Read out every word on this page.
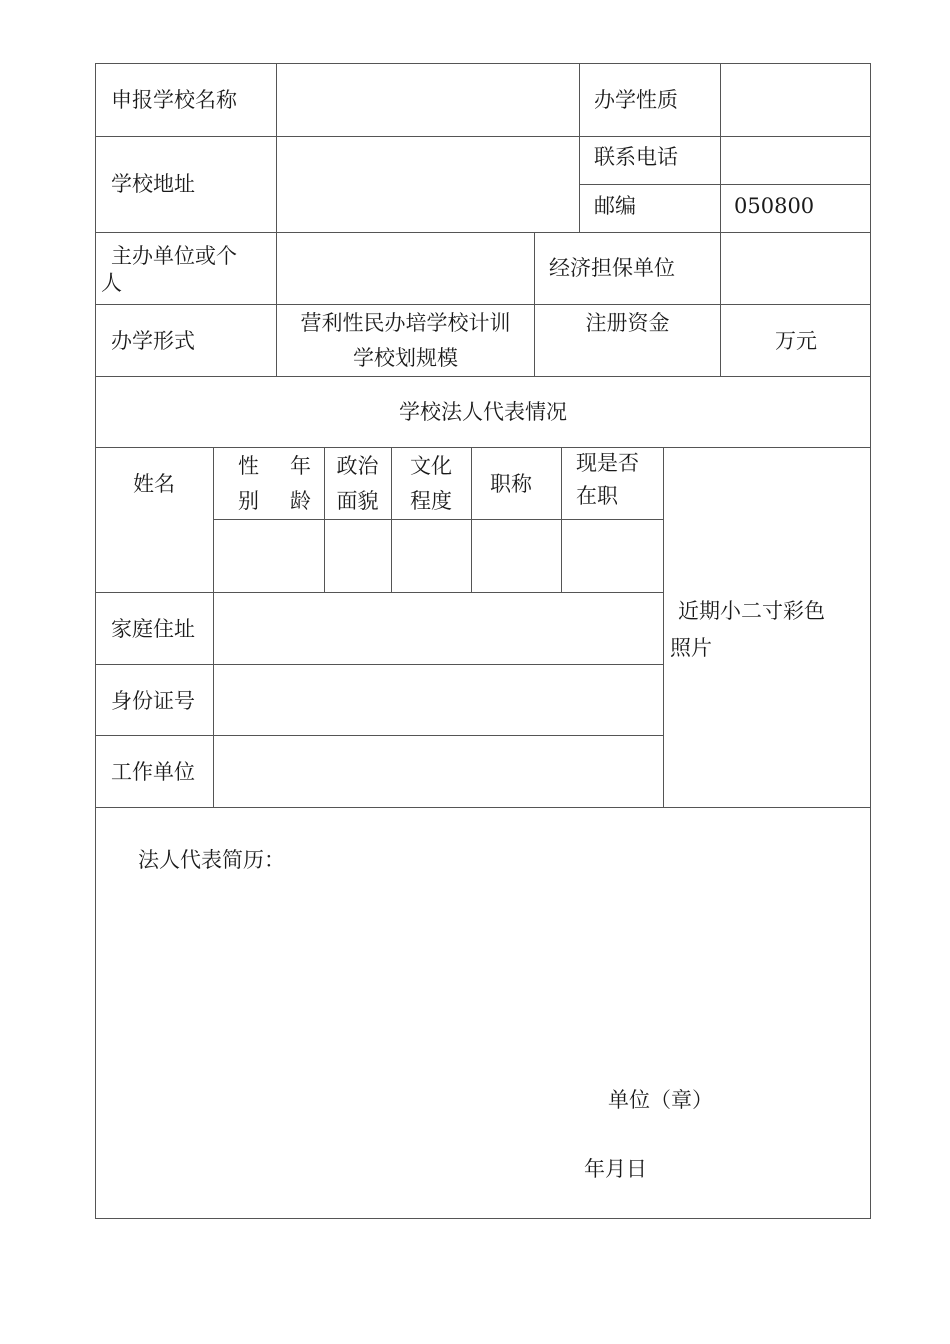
申报学校名称	办学性质
学校地址
联系电话
邮编	050800
主办单位或个
人
经济担保单位
办学形式
营利性民办培学校计训
学校划规模
注册资金
万元
学校法人代表情况
姓名
性
别
年
龄
政治
面貌
文化
程度
职称
现是否
在职
近期小二寸彩色
照片
家庭住址
身份证号
工作单位
法人代表简历：
单位（章）
年月日
